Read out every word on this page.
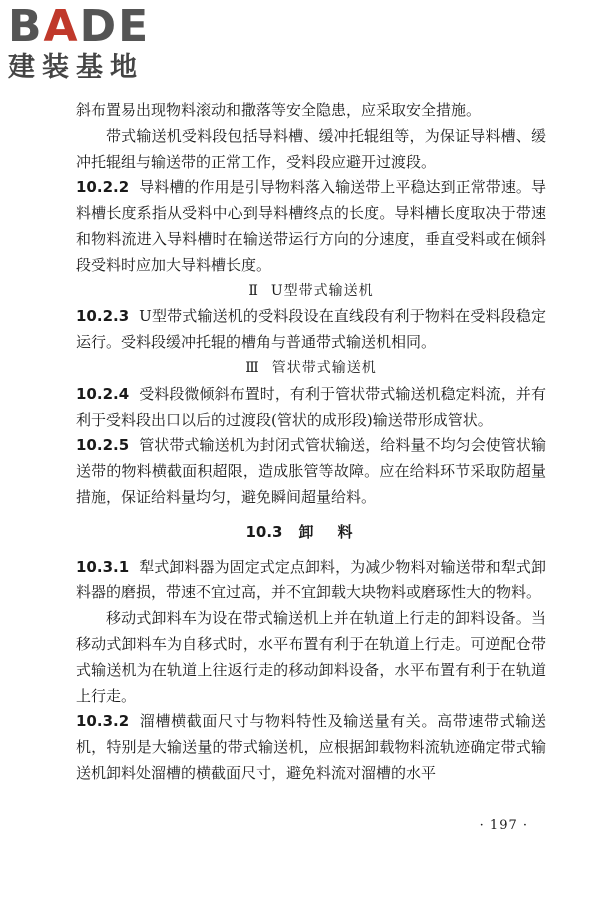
BADE
建装基地

斜布置易出现物料滚动和撒落等安全隐患，应采取安全措施。

带式输送机受料段包括导料槽、缓冲托辊组等，为保证导料槽、缓冲托辊组与输送带的正常工作，受料段应避开过渡段。

10.2.2 导料槽的作用是引导物料落入输送带上平稳达到正常带速。导料槽长度系指从受料中心到导料槽终点的长度。导料槽长度取决于带速和物料流进入导料槽时在输送带运行方向的分速度，垂直受料或在倾斜段受料时应加大导料槽长度。

Ⅱ U型带式输送机

10.2.3 U型带式输送机的受料段设在直线段有利于物料在受料段稳定运行。受料段缓冲托辊的槽角与普通带式输送机相同。

Ⅲ 管状带式输送机

10.2.4 受料段微倾斜布置时，有利于管状带式输送机稳定料流，并有利于受料段出口以后的过渡段(管状的成形段)输送带形成管状。

10.2.5 管状带式输送机为封闭式管状输送，给料量不均匀会使管状输送带的物料横截面积超限，造成胀管等故障。应在给料环节采取防超量措施，保证给料量均匀，避免瞬间超量给料。

10.3 卸料

10.3.1 犁式卸料器为固定式定点卸料，为减少物料对输送带和犁式卸料器的磨损，带速不宜过高，并不宜卸载大块物料或磨琢性大的物料。

移动式卸料车为设在带式输送机上并在轨道上行走的卸料设备。当移动式卸料车为自移式时，水平布置有利于在轨道上行走。可逆配仓带式输送机为在轨道上往返行走的移动卸料设备，水平布置有利于在轨道上行走。

10.3.2 溜槽横截面尺寸与物料特性及输送量有关。高带速带式输送机，特别是大输送量的带式输送机，应根据卸载物料流轨迹确定带式输送机卸料处溜槽的横截面尺寸，避免料流对溜槽的水平

· 197 ·
